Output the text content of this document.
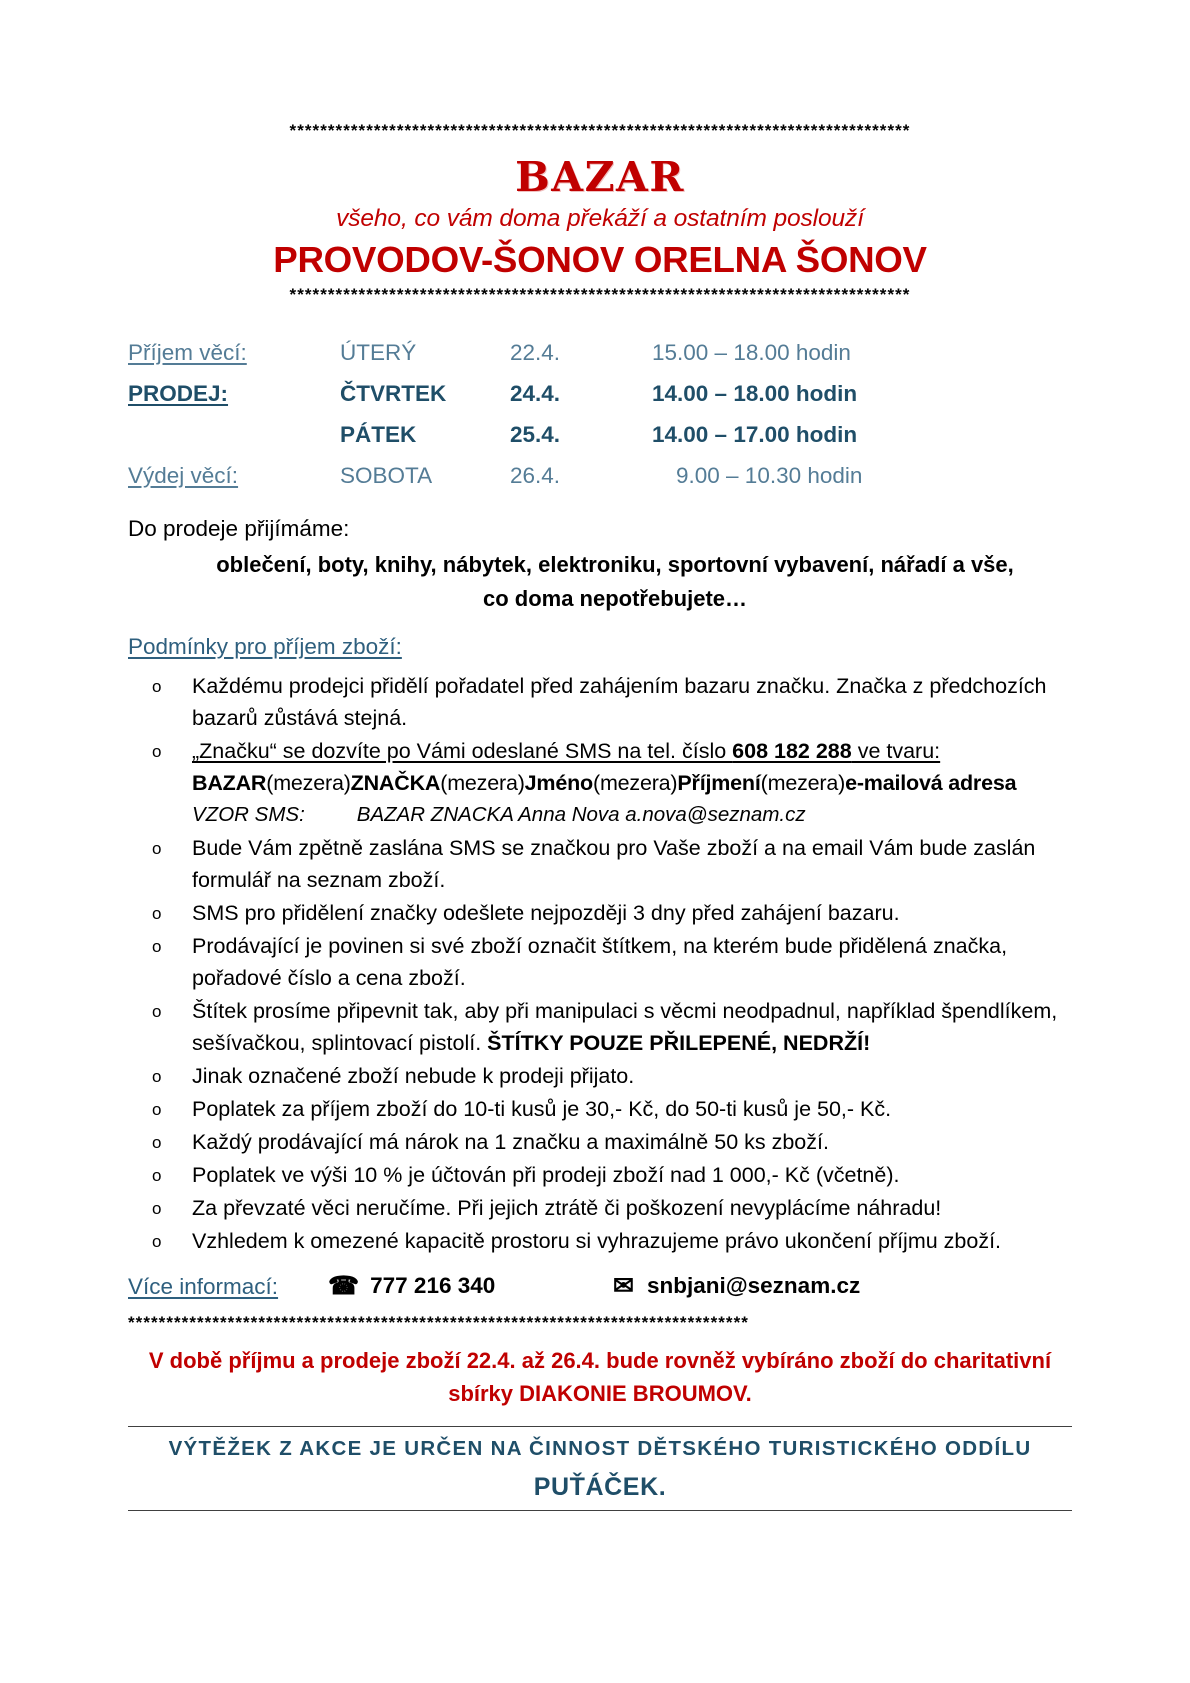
*********************************************************************************
BAZAR
všeho, co vám doma překáží a ostatním poslouží
PROVODOV-ŠONOV ORELNA ŠONOV
*********************************************************************************
Příjem věcí:	ÚTERÝ	22.4.	15.00 – 18.00 hodin
PRODEJ:	ČTVRTEK	24.4.	14.00 – 18.00 hodin
	PÁTEK	25.4.	14.00 – 17.00 hodin
Výdej věcí:	SOBOTA	26.4.	9.00 – 10.30 hodin
Do prodeje přijímáme:
oblečení, boty, knihy, nábytek, elektroniku, sportovní vybavení, nářadí a vše,
co doma nepotřebujete…
Podmínky pro příjem zboží:
o Každému prodejci přidělí pořadatel před zahájením bazaru značku. Značka z předchozích bazarů zůstává stejná.
o „Značku“ se dozvíte po Vámi odeslané SMS na tel. číslo 608 182 288 ve tvaru:
BAZAR(mezera)ZNAČKA(mezera)Jméno(mezera)Příjmení(mezera)e-mailová adresa
VZOR SMS:	BAZAR ZNACKA Anna Nova a.nova@seznam.cz
o Bude Vám zpětně zaslána SMS se značkou pro Vaše zboží a na email Vám bude zaslán formulář na seznam zboží.
o SMS pro přidělení značky odešlete nejpozději 3 dny před zahájení bazaru.
o Prodávající je povinen si své zboží označit štítkem, na kterém bude přidělená značka, pořadové číslo a cena zboží.
o Štítek prosíme připevnit tak, aby při manipulaci s věcmi neodpadnul, například špendlíkem, sešívačkou, splintovací pistolí. ŠTÍTKY POUZE PŘILEPENÉ, NEDRŽÍ!
o Jinak označené zboží nebude k prodeji přijato.
o Poplatek za příjem zboží do 10-ti kusů je 30,- Kč, do 50-ti kusů je 50,- Kč.
o Každý prodávající má nárok na 1 značku a maximálně 50 ks zboží.
o Poplatek ve výši 10 % je účtován při prodeji zboží nad 1 000,- Kč (včetně).
o Za převzaté věci neručíme. Při jejich ztrátě či poškození nevyplácíme náhradu!
o Vzhledem k omezené kapacitě prostoru si vyhrazujeme právo ukončení příjmu zboží.
Více informací:	☎ 777 216 340	✉ snbjani@seznam.cz
*********************************************************************************
V době příjmu a prodeje zboží 22.4. až 26.4. bude rovněž vybíráno zboží do charitativní
sbírky DIAKONIE BROUMOV.
VÝTĚŽEK Z AKCE JE URČEN NA ČINNOST DĚTSKÉHO TURISTICKÉHO ODDÍLU PUŤÁČEK.
